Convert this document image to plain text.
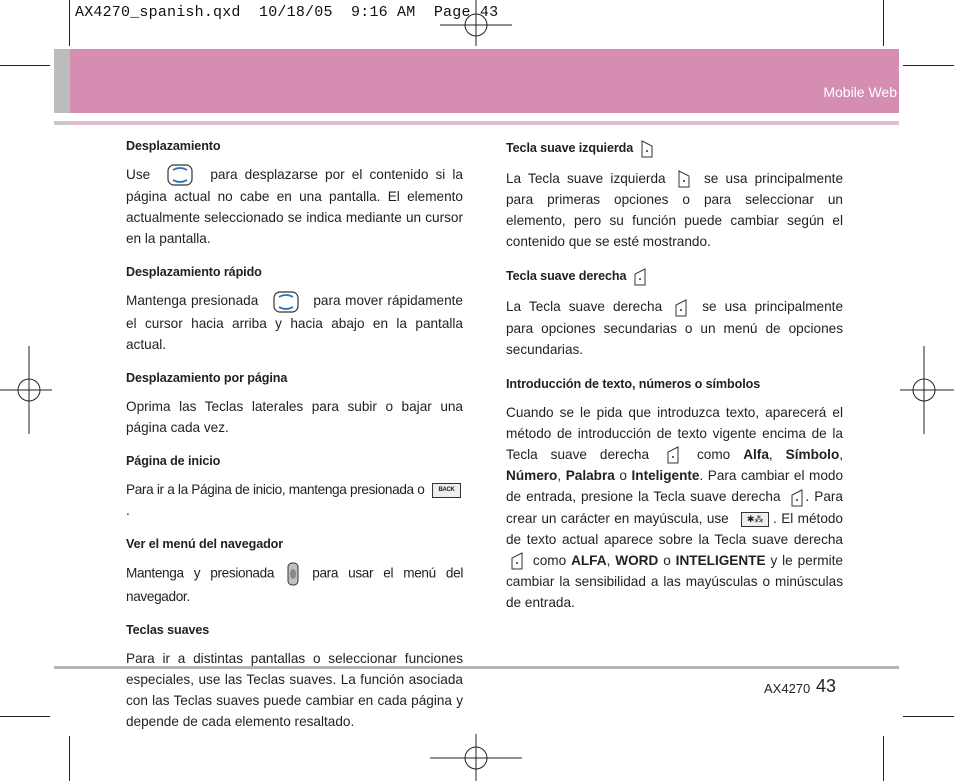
AX4270_spanish.qxd  10/18/05  9:16 AM  Page 43
Mobile Web
Desplazamiento
Use	para desplazarse por el contenido si la página actual no cabe en una pantalla. El elemento actualmente seleccionado se indica mediante un cursor en la pantalla.
Desplazamiento rápido
Mantenga presionada	para mover rápidamente el cursor hacia arriba y hacia abajo en la pantalla actual.
Desplazamiento por página
Oprima las Teclas laterales para subir o bajar una página cada vez.
Página de inicio
Para ir a la Página de inicio, mantenga presionada o BACK.
Ver el menú del navegador
Mantenga y presionada	para usar el menú del navegador.
Teclas suaves
Para ir a distintas pantallas o seleccionar funciones especiales, use las Teclas suaves. La función asociada con las Teclas suaves puede cambiar en cada página y depende de cada elemento resaltado.
Tecla suave izquierda
La Tecla suave izquierda	se usa principalmente para primeras opciones o para seleccionar un elemento, pero su función puede cambiar según el contenido que se esté mostrando.
Tecla suave derecha
La Tecla suave derecha	se usa principalmente para opciones secundarias o un menú de opciones secundarias.
Introducción de texto, números o símbolos
Cuando se le pida que introduzca texto, aparecerá el método de introducción de texto vigente encima de la Tecla suave derecha	como Alfa, Símbolo, Número, Palabra o Inteligente. Para cambiar el modo de entrada, presione la Tecla suave derecha . Para crear un carácter en mayúscula, use ✱⁂ . El método de texto actual aparece sobre la Tecla suave derecha  como ALFA, WORD o INTELIGENTE y le permite cambiar la sensibilidad a las mayúsculas o minúsculas de entrada.
AX4270 43
